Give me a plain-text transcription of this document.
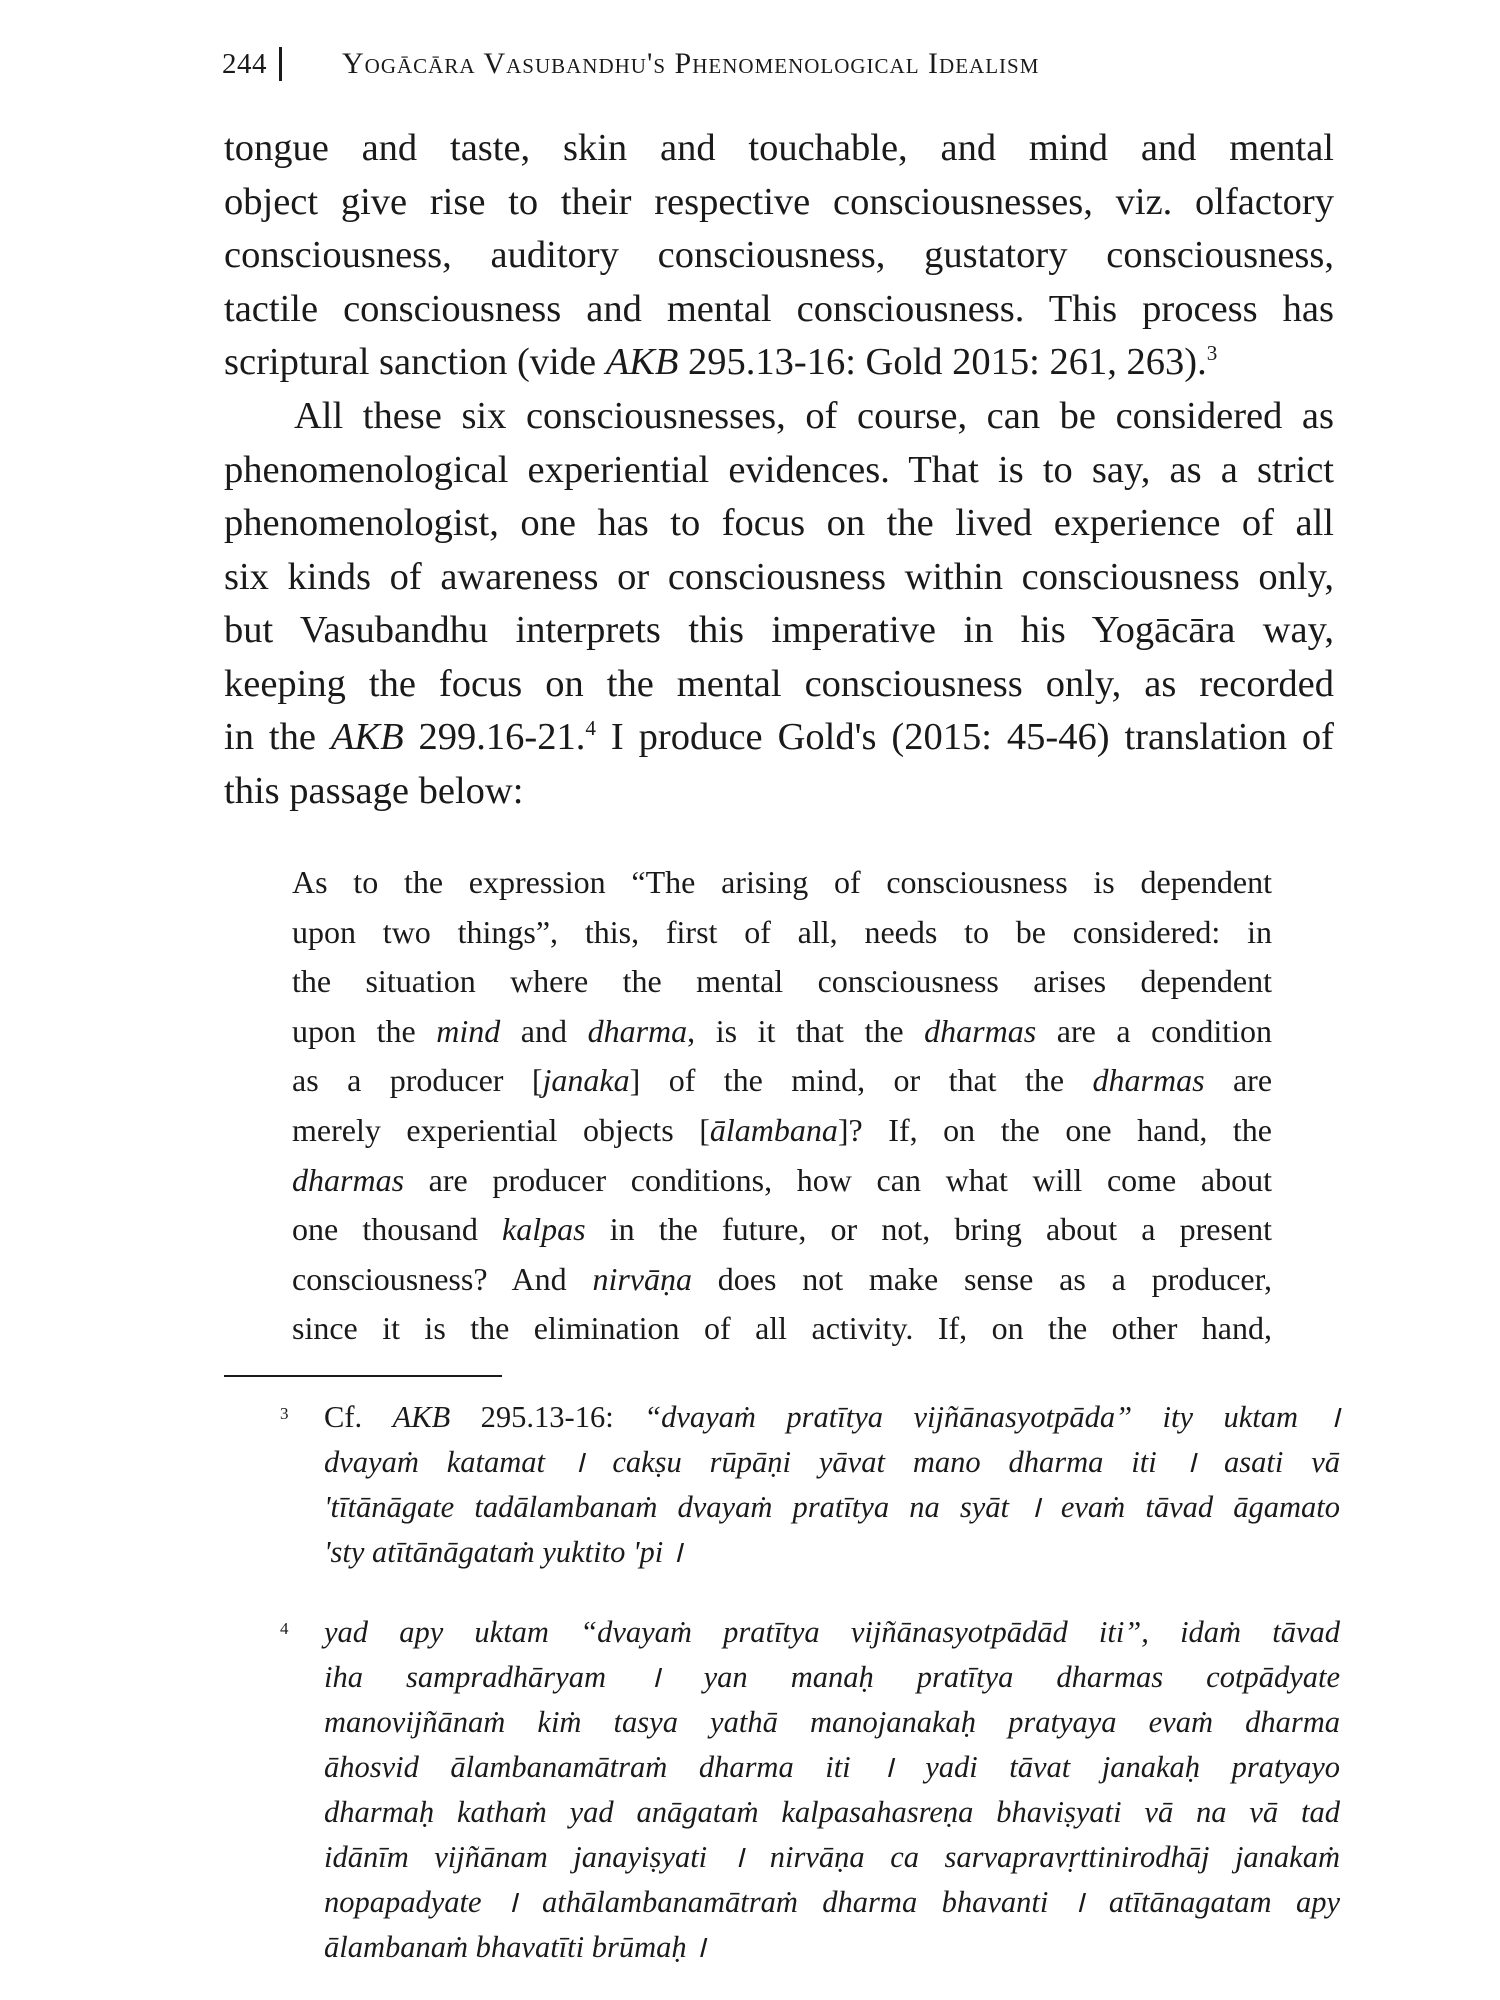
244	Yogācāra Vasubandhu's Phenomenological Idealism

tongue and taste, skin and touchable, and mind and mental
object give rise to their respective consciousnesses, viz. olfactory
consciousness, auditory consciousness, gustatory consciousness,
tactile consciousness and mental consciousness. This process has
scriptural sanction (vide AKB 295.13-16: Gold 2015: 261, 263).$^3$

All these six consciousnesses, of course, can be considered as
phenomenological experiential evidences. That is to say, as a strict
phenomenologist, one has to focus on the lived experience of all
six kinds of awareness or consciousness within consciousness only,
but Vasubandhu interprets this imperative in his Yogācāra way,
keeping the focus on the mental consciousness only, as recorded
in the AKB 299.16-21.$^4$ I produce Gold's (2015: 45-46) translation of
this passage below:

As to the expression “The arising of consciousness is dependent
upon two things”, this, first of all, needs to be considered: in
the situation where the mental consciousness arises dependent
upon the mind and dharma, is it that the dharmas are a condition
as a producer [janaka] of the mind, or that the dharmas are
merely experiential objects [ālambana]? If, on the one hand, the
dharmas are producer conditions, how can what will come about
one thousand kalpas in the future, or not, bring about a present
consciousness? And nirvāṇa does not make sense as a producer,
since it is the elimination of all activity. If, on the other hand,

3 Cf. AKB 295.13-16: “dvayaṁ pratītya vijñānasyotpāda” ity uktam ।
dvayaṁ katamat । cakṣu rūpāṇi yāvat mano dharma iti । asati vā
'tītānāgate tadālambanaṁ dvayaṁ pratītya na syāt । evaṁ tāvad āgamato
'sty atītānāgataṁ yuktito 'pi ।
4 yad apy uktam “dvayaṁ pratītya vijñānasyotpādād iti”, idaṁ tāvad
iha sampradhāryam । yan manaḥ pratītya dharmas cotpādyate
manovijñānaṁ kiṁ tasya yathā manojanakaḥ pratyaya evaṁ dharma
āhosvid ālambanamātraṁ dharma iti । yadi tāvat janakaḥ pratyayo
dharmaḥ kathaṁ yad anāgataṁ kalpasahasreṇa bhaviṣyati vā na vā tad
idānīm vijñānam janayiṣyati । nirvāṇa ca sarvapravṛttinirodhāj janakaṁ
nopapadyate । athālambanamātraṁ dharma bhavanti । atītānagatam apy
ālambanaṁ bhavatīti brūmaḥ ।
